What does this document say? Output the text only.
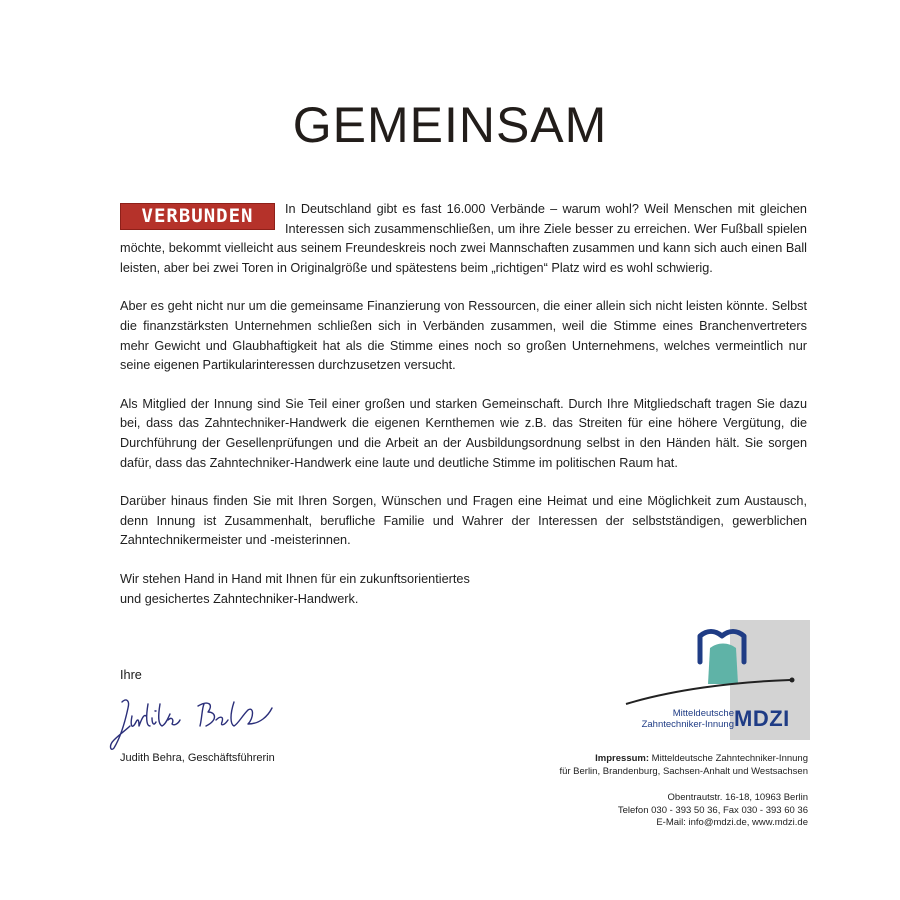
GEMEINSAM

VERBUNDEN	In Deutschland gibt es fast 16.000 Verbände – warum wohl? Weil Menschen mit gleichen Interessen sich zusammenschließen, um ihre Ziele besser zu erreichen. Wer Fußball spielen möchte, bekommt vielleicht aus seinem Freundeskreis noch zwei Mannschaften zusammen und kann sich auch einen Ball leisten, aber bei zwei Toren in Originalgröße und spätestens beim „richtigen“ Platz wird es wohl schwierig.

Aber es geht nicht nur um die gemeinsame Finanzierung von Ressourcen, die einer allein sich nicht leisten könnte. Selbst die finanzstärksten Unternehmen schließen sich in Verbänden zusammen, weil die Stimme eines Branchenvertreters mehr Gewicht und Glaubhaftigkeit hat als die Stimme eines noch so großen Unternehmens, welches vermeintlich nur seine eigenen Partikularinteressen durchzusetzen versucht.

Als Mitglied der Innung sind Sie Teil einer großen und starken Gemeinschaft. Durch Ihre Mitgliedschaft tragen Sie dazu bei, dass das Zahntechniker-Handwerk die eigenen Kernthemen wie z.B. das Streiten für eine höhere Vergütung, die Durchführung der Gesellenprüfungen und die Arbeit an der Ausbildungsordnung selbst in den Händen hält. Sie sorgen dafür, dass das Zahntechniker-Handwerk eine laute und deutliche Stimme im politischen Raum hat.

Darüber hinaus finden Sie mit Ihren Sorgen, Wünschen und Fragen eine Heimat und eine Möglichkeit zum Austausch, denn Innung ist Zusammenhalt, berufliche Familie und Wahrer der Interessen der selbstständigen, gewerblichen Zahntechnikermeister und -meisterinnen.

Wir stehen Hand in Hand mit Ihnen für ein zukunftsorientiertes
und gesichertes Zahntechniker-Handwerk.

Ihre
Judith Behra, Geschäftsführerin
Mitteldeutsche
Zahntechniker-Innung MDZI
Impressum: Mitteldeutsche Zahntechniker-Innung
für Berlin, Brandenburg, Sachsen-Anhalt und Westsachsen
Obentrautstr. 16-18, 10963 Berlin
Telefon 030 - 393 50 36, Fax 030 - 393 60 36
E-Mail: info@mdzi.de, www.mdzi.de
